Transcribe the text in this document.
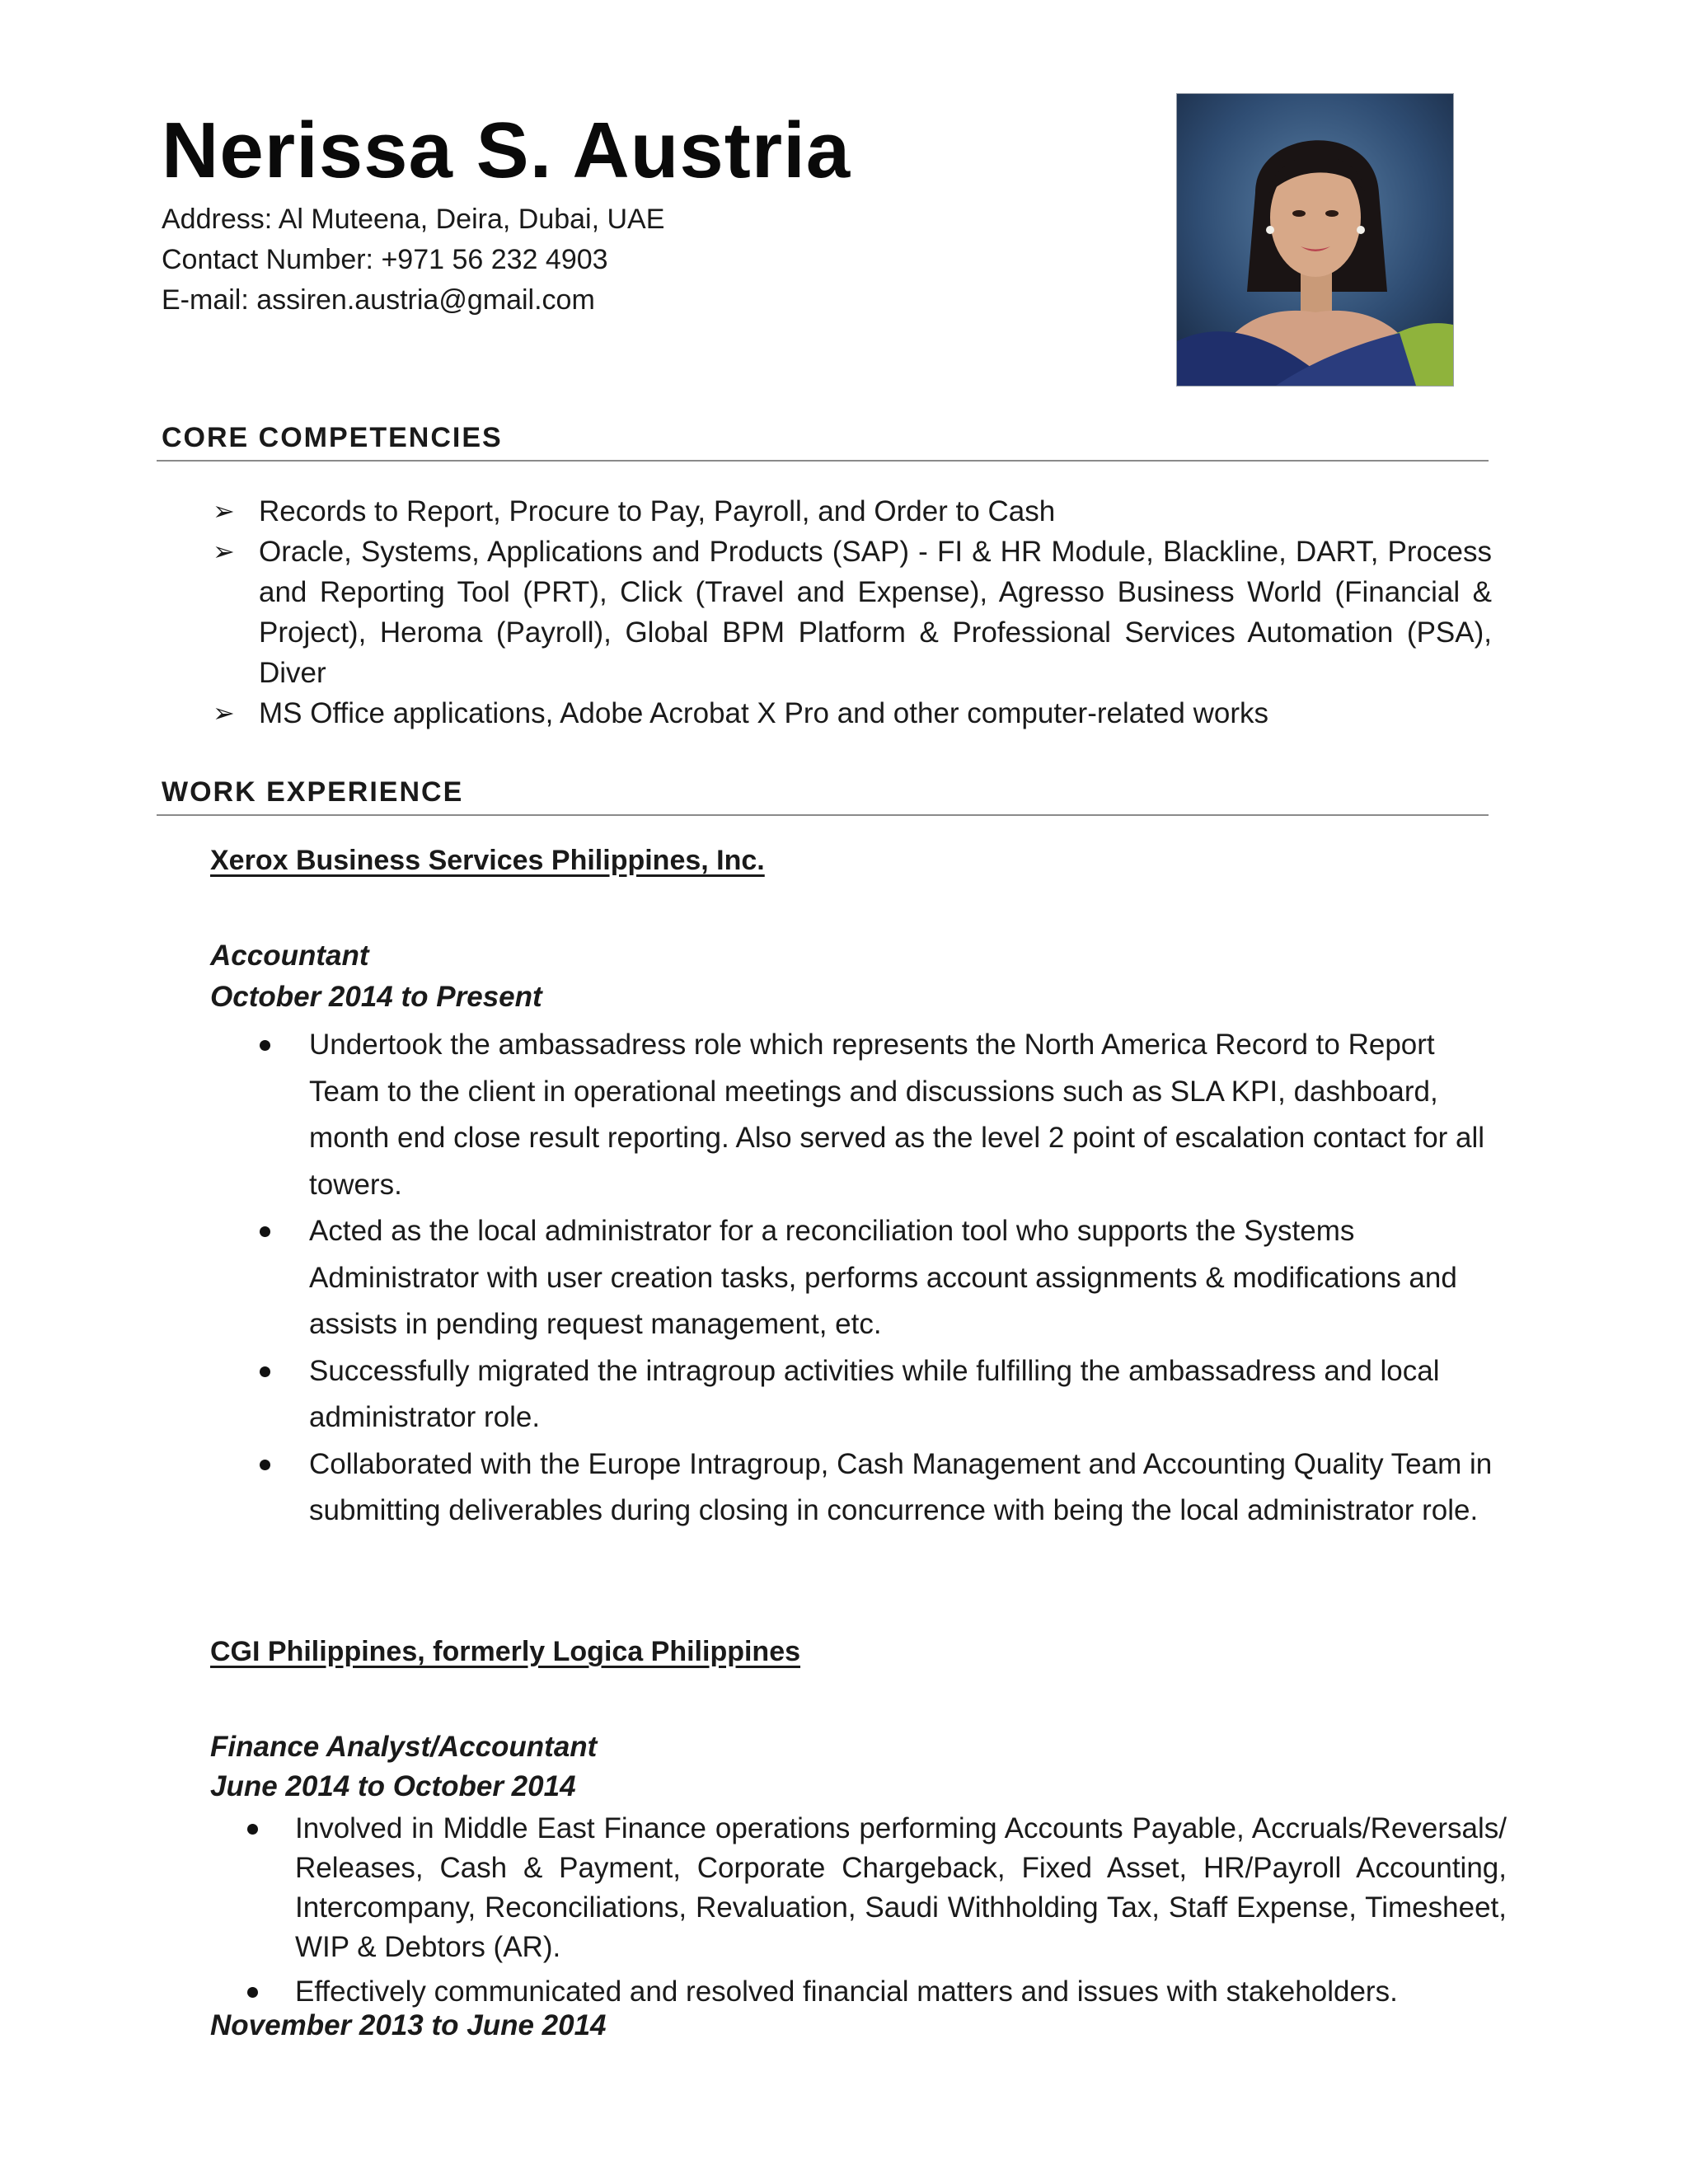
Nerissa S. Austria
Address: Al Muteena, Deira, Dubai, UAE
Contact Number: +971 56 232 4903
E-mail: assiren.austria@gmail.com
CORE COMPETENCIES
➢ Records to Report, Procure to Pay, Payroll, and Order to Cash
➢ Oracle, Systems, Applications and Products (SAP) - FI & HR Module, Blackline, DART, Process and Reporting Tool (PRT), Click (Travel and Expense), Agresso Business World (Financial & Project), Heroma (Payroll), Global BPM Platform & Professional Services Automation (PSA), Diver
➢ MS Office applications, Adobe Acrobat X Pro and other computer-related works
WORK EXPERIENCE
Xerox Business Services Philippines, Inc.
Accountant
October 2014 to Present
Undertook the ambassadress role which represents the North America Record to Report Team to the client in operational meetings and discussions such as SLA KPI, dashboard, month end close result reporting. Also served as the level 2 point of escalation contact for all towers.
Acted as the local administrator for a reconciliation tool who supports the Systems Administrator with user creation tasks, performs account assignments & modifications and assists in pending request management, etc.
Successfully migrated the intragroup activities while fulfilling the ambassadress and local administrator role.
Collaborated with the Europe Intragroup, Cash Management and Accounting Quality Team in submitting deliverables during closing in concurrence with being the local administrator role.
CGI Philippines, formerly Logica Philippines
Finance Analyst/Accountant
June 2014 to October 2014
Involved in Middle East Finance operations performing Accounts Payable, Accruals/Reversals/ Releases, Cash & Payment, Corporate Chargeback, Fixed Asset, HR/Payroll Accounting, Intercompany, Reconciliations, Revaluation, Saudi Withholding Tax, Staff Expense, Timesheet, WIP & Debtors (AR).
Effectively communicated and resolved financial matters and issues with stakeholders.
November 2013 to June 2014
